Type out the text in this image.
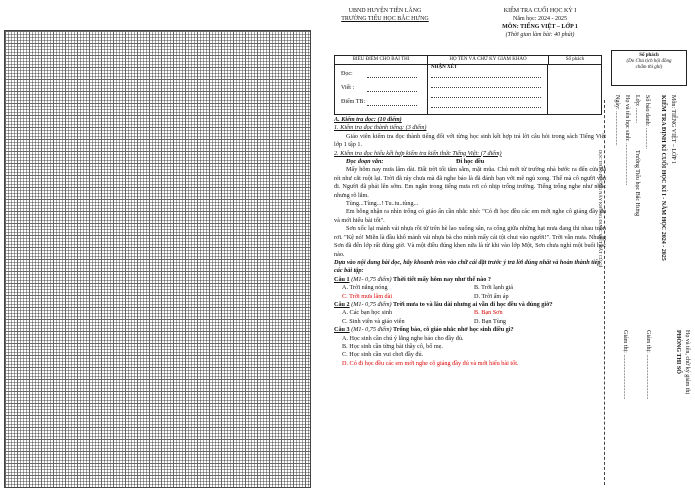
UBND HUYỆN TIÊN LÃNG
TRƯỜNG TIỂU HỌC BẮC HƯNG
KIỂM TRA CUỐI HỌC KỲ I
Năm học: 2024 - 2025
MÔN: TIẾNG VIỆT – LỚP 1
(Thời gian làm bài: 40 phút)
Số phách
(Do Chủ tịch hội đồng
chấm thi ghi)
BIỂU ĐIỂM CHO BÀI THI	HỌ TÊN VÀ CHỮ KÝ GIÁM KHẢO	Số phách
Đọc:
Viết :
Điểm TB:
NHẬN XÉT

A. Kiểm tra đọc: (10 điểm)

1. Kiểm tra đọc thành tiếng: (3 điểm)

Giáo viên kiểm tra đọc thành tiếng đối với từng học sinh kết hợp trả lời câu hỏi trong sách Tiếng Việt lớp 1 tập 1.

2. Kiểm tra đọc hiểu kết hợp kiểm tra kiến thức Tiếng Việt: (7 điểm)

Đọc đoạn văn:	Đi học đều

Mấy hôm nay mưa lâm dài. Đất trời tối tăm sẫm, mặt mũa. Chủ mới từ trường nhà bước ra đến cửa đã rét như cắt ruột lại. Trời đã ráy chưa mà đã nghe báo là đã đánh bạn với mê ngủ xong. Thế mà cô người vẫn đi. Người đã phải lên sớm. Em ngắn trong tiếng mưa rơi có nhịp trống trường. Tiếng trống nghe như nhắc nhưng rõ lắm.

Tùng...Tùng...! Tu..tu..tùng...

Em bỗng nhận ra nhìn trống có giáo ấn cần nhắc nhỏ: "Có đi học đều các em mới nghe cô giảng đầy đủ và mới hiểu bài tốt".

Sơn xốc lại mảnh vải nhựa rồi từ trên hè lao xuống sân, ra cổng giữa những hạt mưa đang thi nhau tuôn rơi. "Kệ nó! Miễn là đầu khô mảnh vải nhựa bà cho mình mấy cái tội chui vào người!". Trời vẫn mưa. Nhưng Sơn đã đến lớp rất đúng giờ. Và một điều đúng khen nữa là từ khi vào lớp Một, Sơn chưa nghỉ một buổi học nào.

Dựa vào nội dung bài đọc, hãy khoanh tròn vào chữ cái đặt trước ý trả lời đúng nhất và hoàn thành tiếp các bài tập:

Câu 1 (M1- 0,75 điểm) Thời tiết mấy hôm nay như thế nào ?

A. Trời nắng nóng	B. Trời lạnh giá
C. Trời mưa lâm dài	D. Trời ấm áp

Câu 2 (M1- 0,75 điểm) Trời mưa to và lâu dài nhưng ai vẫn đi học đều và đúng giờ?

A. Các bạn học sinh	B. Bạn Sơn
C. Sinh viên và giáo viên	D. Bạn Tùng

Câu 3 (M1- 0,75 điểm) Trống báo, cô giáo nhắc nhở học sinh điều gì?

A. Học sinh cần chú ý lắng nghe bảo cho đầy đủ.

B. Học sinh cần từng bài thầy cô, bố mẹ.

C. Học sinh cần vui chơi đầy đủ.

D. Có đi học đều các em mới nghe cô giảng đầy đủ và mới hiểu bài tốt.

Ngày: ....................... Họ và tên học sinh: ............................ Lớp: ..........
Trường Tiểu học Bắc Hưng
Số báo danh: ..............
DỌC THEO ĐƯỜNG NÀY KHÔNG ĐƯỢC VIẾT BẤT CỨ GÌ	KIỂM TRA ĐỊNH KÌ CUỐI HỌC KÌ I - NĂM HỌC 2024 - 2025 Môn: TIẾNG VIỆT – LỚP 1
PHÒNG THI SỐ Họ và tên, chữ ký giám thị
Giám thị: ..............................
Giám thị: ..............................
